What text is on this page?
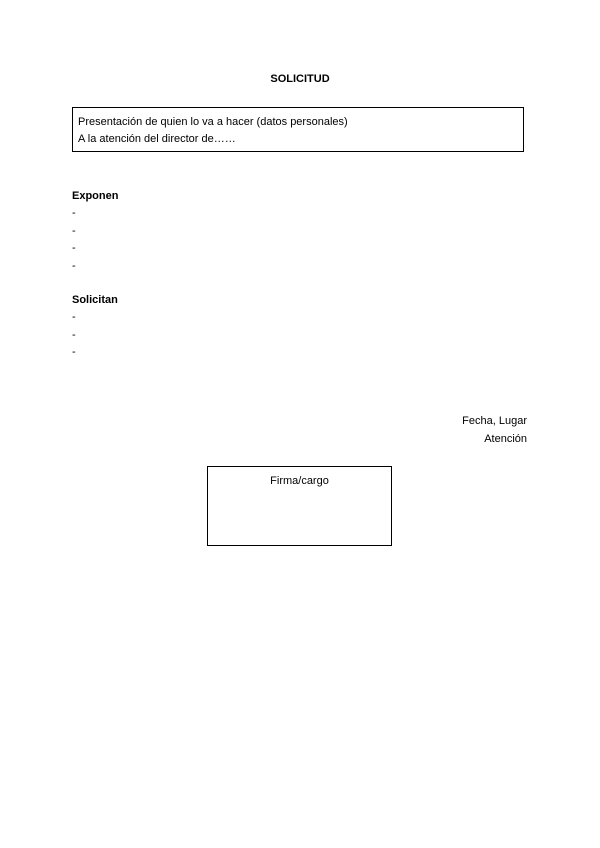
SOLICITUD
Presentación de quien lo va a hacer (datos personales)
A la atención del director de……
Exponen
-
-
-
-
Solicitan
-
-
-
Fecha, Lugar
Atención
Firma/cargo
